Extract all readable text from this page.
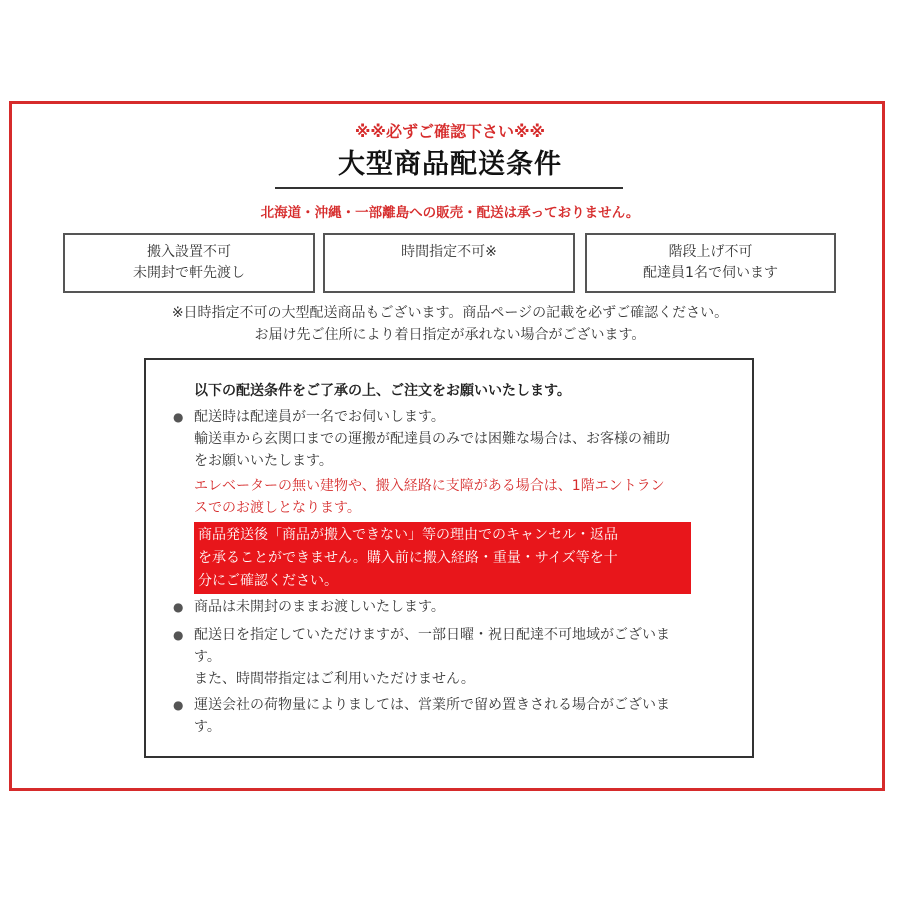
※※必ずご確認下さい※※
大型商品配送条件
北海道・沖縄・一部離島への販売・配送は承っておりません。
搬入設置不可
未開封で軒先渡し
時間指定不可※	階段上げ不可
配達員1名で伺います
※日時指定不可の大型配送商品もございます。商品ページの記載を必ずご確認ください。
お届け先ご住所により着日指定が承れない場合がございます。
以下の配送条件をご了承の上、ご注文をお願いいたします。
● 配送時は配達員が一名でお伺いします。
輸送車から玄関口までの運搬が配達員のみでは困難な場合は、お客様の補助
をお願いいたします。
エレベーターの無い建物や、搬入経路に支障がある場合は、1階エントラン
スでのお渡しとなります。
商品発送後「商品が搬入できない」等の理由でのキャンセル・返品
を承ることができません。購入前に搬入経路・重量・サイズ等を十
分にご確認ください。
● 商品は未開封のままお渡しいたします。
● 配送日を指定していただけますが、一部日曜・祝日配達不可地域がございま
す。
また、時間帯指定はご利用いただけません。
● 運送会社の荷物量によりましては、営業所で留め置きされる場合がございま
す。
